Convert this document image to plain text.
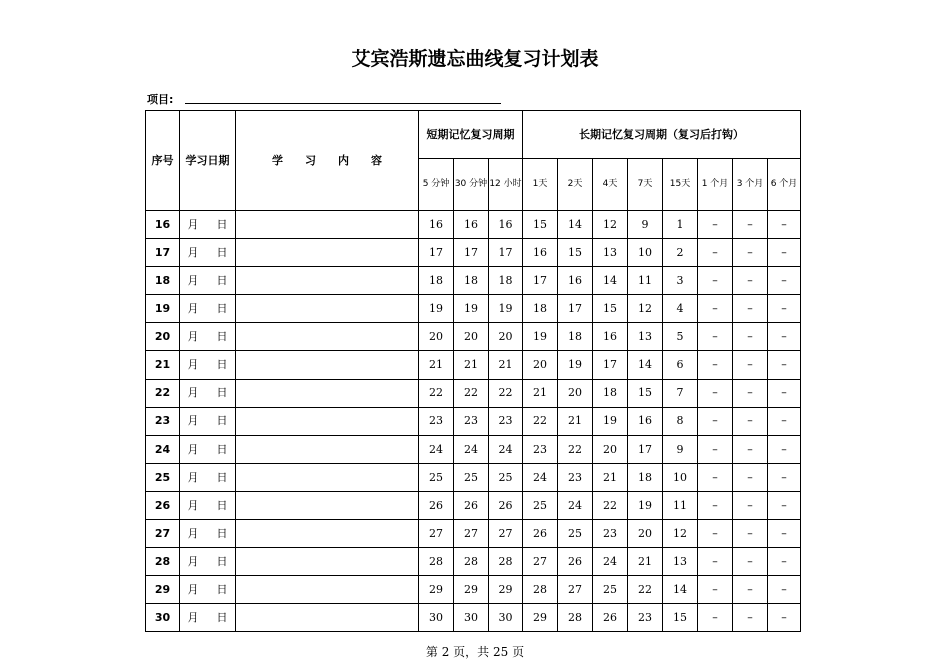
艾宾浩斯遗忘曲线复习计划表
项目:
序号	学习日期	学　　习　　内　　容	短期记忆复习周期			长期记忆复习周期（复习后打钩）							
			5 分钟	30 分钟	12 小时	1天	2天	4天	7天	15天	1 个月	3 个月	6 个月
16	月 日		16	16	16	15	14	12	9	1	–	–	–
17	月 日		17	17	17	16	15	13	10	2	–	–	–
18	月 日		18	18	18	17	16	14	11	3	–	–	–
19	月 日		19	19	19	18	17	15	12	4	–	–	–
20	月 日		20	20	20	19	18	16	13	5	–	–	–
21	月 日		21	21	21	20	19	17	14	6	–	–	–
22	月 日		22	22	22	21	20	18	15	7	–	–	–
23	月 日		23	23	23	22	21	19	16	8	–	–	–
24	月 日		24	24	24	23	22	20	17	9	–	–	–
25	月 日		25	25	25	24	23	21	18	10	–	–	–
26	月 日		26	26	26	25	24	22	19	11	–	–	–
27	月 日		27	27	27	26	25	23	20	12	–	–	–
28	月 日		28	28	28	27	26	24	21	13	–	–	–
29	月 日		29	29	29	28	27	25	22	14	–	–	–
30	月 日		30	30	30	29	28	26	23	15	–	–	–
第 2 页，共 25 页
